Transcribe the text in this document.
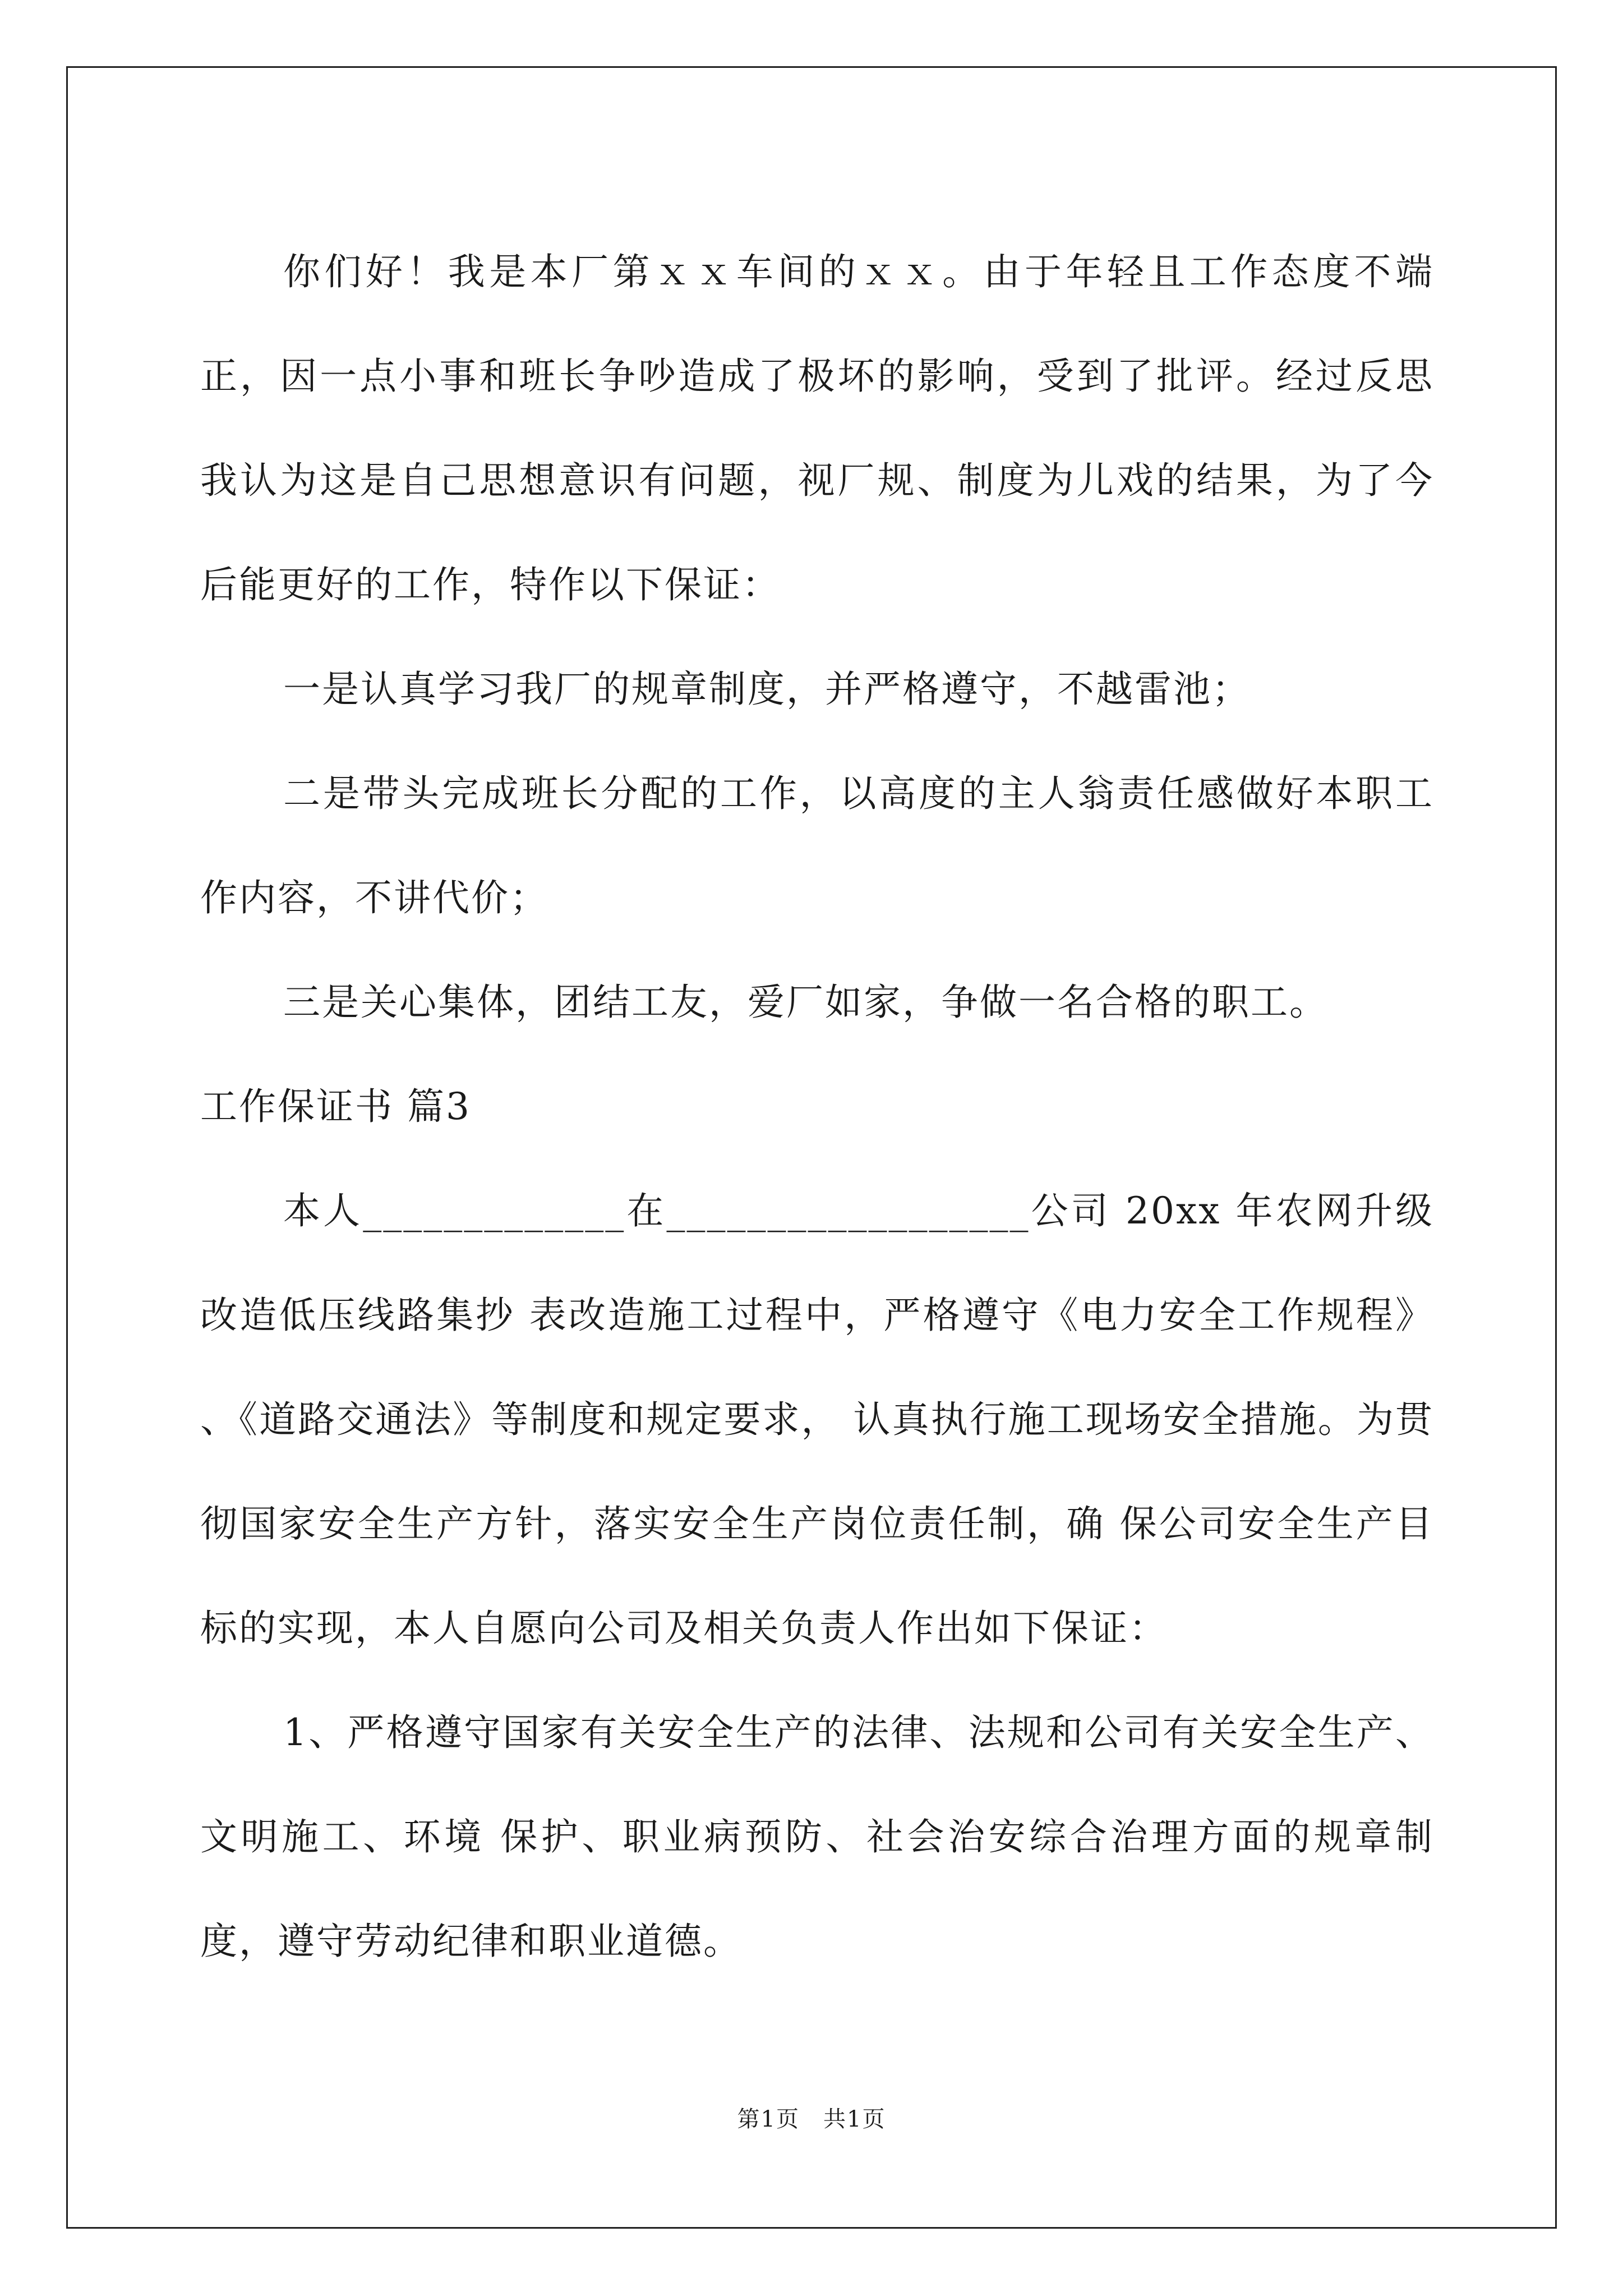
你们好！我是本厂第ｘｘ车间的ｘｘ。由于年轻且工作态度不端正，因一点小事和班长争吵造成了极坏的影响，受到了批评。经过反思我认为这是自己思想意识有问题，视厂规、制度为儿戏的结果，为了今后能更好的工作，特作以下保证：

一是认真学习我厂的规章制度，并严格遵守，不越雷池；

二是带头完成班长分配的工作，以高度的主人翁责任感做好本职工作内容，不讲代价；

三是关心集体，团结工友，爱厂如家，争做一名合格的职工。

工作保证书 篇3

本人_____________在__________________公司 20xx 年农网升级改造低压线路集抄 表改造施工过程中，严格遵守《电力安全工作规程》 、《道路交通法》等制度和规定要求， 认真执行施工现场安全措施。为贯彻国家安全生产方针，落实安全生产岗位责任制，确 保公司安全生产目标的实现，本人自愿向公司及相关负责人作出如下保证：

1、严格遵守国家有关安全生产的法律、法规和公司有关安全生产、文明施工、环境 保护、职业病预防、社会治安综合治理方面的规章制度，遵守劳动纪律和职业道德。

第1页　共1页
